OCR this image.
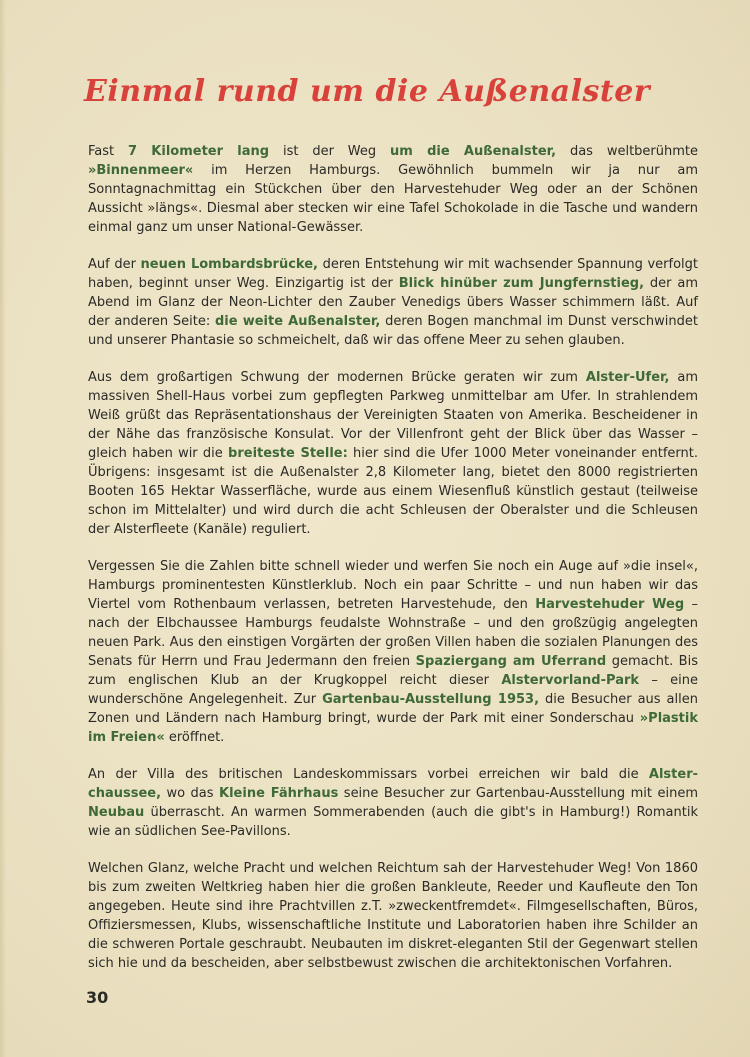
Einmal rund um die Außenalster

Fast 7 Kilometer lang ist der Weg um die Außenalster, das weltberühmte »Binnenmeer« im Herzen Hamburgs. Gewöhnlich bummeln wir ja nur am Sonntagnachmittag ein Stückchen über den Harvestehuder Weg oder an der Schönen Aussicht »längs«. Diesmal aber stecken wir eine Tafel Schokolade in die Tasche und wandern einmal ganz um unser National-Gewässer.

Auf der neuen Lombardsbrücke, deren Entstehung wir mit wachsender Spannung verfolgt haben, beginnt unser Weg. Einzigartig ist der Blick hinüber zum Jungfernstieg, der am Abend im Glanz der Neon-Lichter den Zauber Venedigs übers Wasser schimmern läßt. Auf der anderen Seite: die weite Außenalster, deren Bogen manchmal im Dunst verschwindet und unserer Phantasie so schmeichelt, daß wir das offene Meer zu sehen glauben.

Aus dem großartigen Schwung der modernen Brücke geraten wir zum Alster-Ufer, am massiven Shell-Haus vorbei zum gepflegten Parkweg unmittelbar am Ufer. In strahlendem Weiß grüßt das Repräsentationshaus der Vereinigten Staaten von Amerika. Bescheidener in der Nähe das französische Konsulat. Vor der Villenfront geht der Blick über das Wasser – gleich haben wir die breiteste Stelle: hier sind die Ufer 1000 Meter voneinander entfernt. Übrigens: insgesamt ist die Außenalster 2,8 Kilometer lang, bietet den 8000 registrierten Booten 165 Hektar Wasserfläche, wurde aus einem Wiesenfluß künstlich gestaut (teilweise schon im Mittelalter) und wird durch die acht Schleusen der Oberalster und die Schleusen der Alsterfleete (Kanäle) reguliert.

Vergessen Sie die Zahlen bitte schnell wieder und werfen Sie noch ein Auge auf »die insel«, Hamburgs prominentesten Künstlerklub. Noch ein paar Schritte – und nun haben wir das Viertel vom Rothenbaum verlassen, betreten Harvestehude, den Harvestehuder Weg – nach der Elbchaussee Hamburgs feudalste Wohnstraße – und den großzügig angelegten neuen Park. Aus den einstigen Vorgärten der großen Villen haben die sozialen Planungen des Senats für Herrn und Frau Jedermann den freien Spaziergang am Uferrand gemacht. Bis zum englischen Klub an der Krugkoppel reicht dieser Alstervorland-Park – eine wunderschöne Angelegenheit. Zur Gartenbau-Ausstellung 1953, die Besucher aus allen Zonen und Ländern nach Hamburg bringt, wurde der Park mit einer Sonderschau »Plastik im Freien« eröffnet.

An der Villa des britischen Landeskommissars vorbei erreichen wir bald die Alster-chaussee, wo das Kleine Fährhaus seine Besucher zur Gartenbau-Ausstellung mit einem Neubau überrascht. An warmen Sommerabenden (auch die gibt's in Hamburg!) Romantik wie an südlichen See-Pavillons.

Welchen Glanz, welche Pracht und welchen Reichtum sah der Harvestehuder Weg! Von 1860 bis zum zweiten Weltkrieg haben hier die großen Bankleute, Reeder und Kaufleute den Ton angegeben. Heute sind ihre Prachtvillen z.T. »zweckentfremdet«. Filmgesellschaften, Büros, Offiziersmessen, Klubs, wissenschaftliche Institute und Laboratorien haben ihre Schilder an die schweren Portale geschraubt. Neubauten im diskret-eleganten Stil der Gegenwart stellen sich hie und da bescheiden, aber selbstbewust zwischen die architektonischen Vorfahren.

30
